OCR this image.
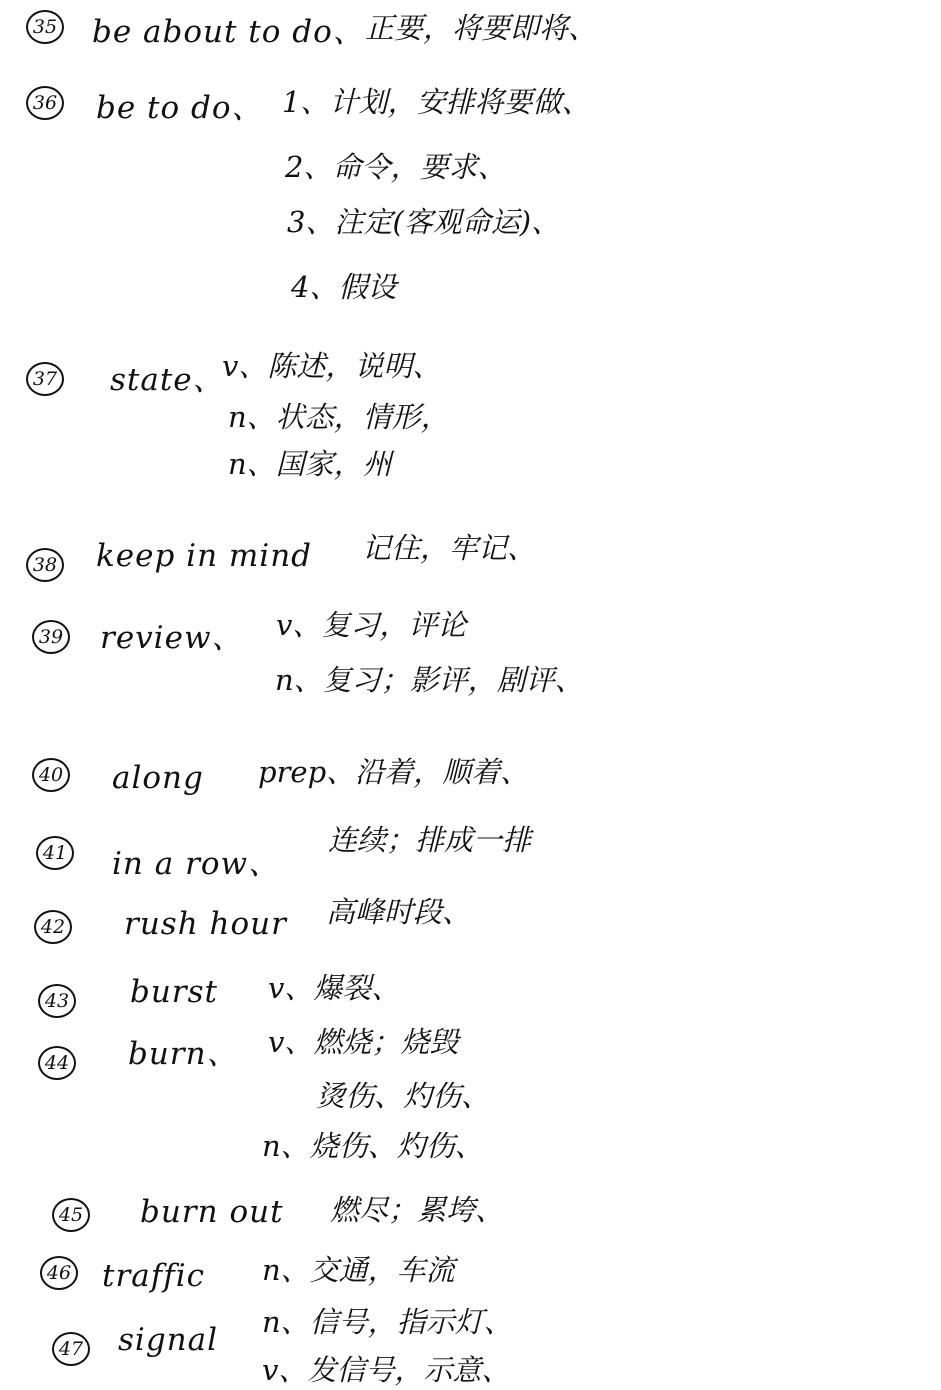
35 be about to do、 正要，将要即将、
36 be to do、 1、计划，安排将要做、
2、命令，要求、
3、注定(客观命运)、
4、假设
37 state、
v、陈述，说明、
n、状态，情形，
n、国家，州
38 keep in mind 记住，牢记、
39 review、 v、复习，评论
n、复习；影评，剧评、
40 along prep、沿着，顺着、
41 in a row、
连续；排成一排
42 rush hour 高峰时段、
43 burst v、爆裂、
44 burn、 v、燃烧；烧毁
烫伤、灼伤、
n、烧伤、灼伤、
45 burn out 燃尽；累垮、
46 traffic n、交通，车流
47 signal n、信号，指示灯、
v、发信号，示意、
